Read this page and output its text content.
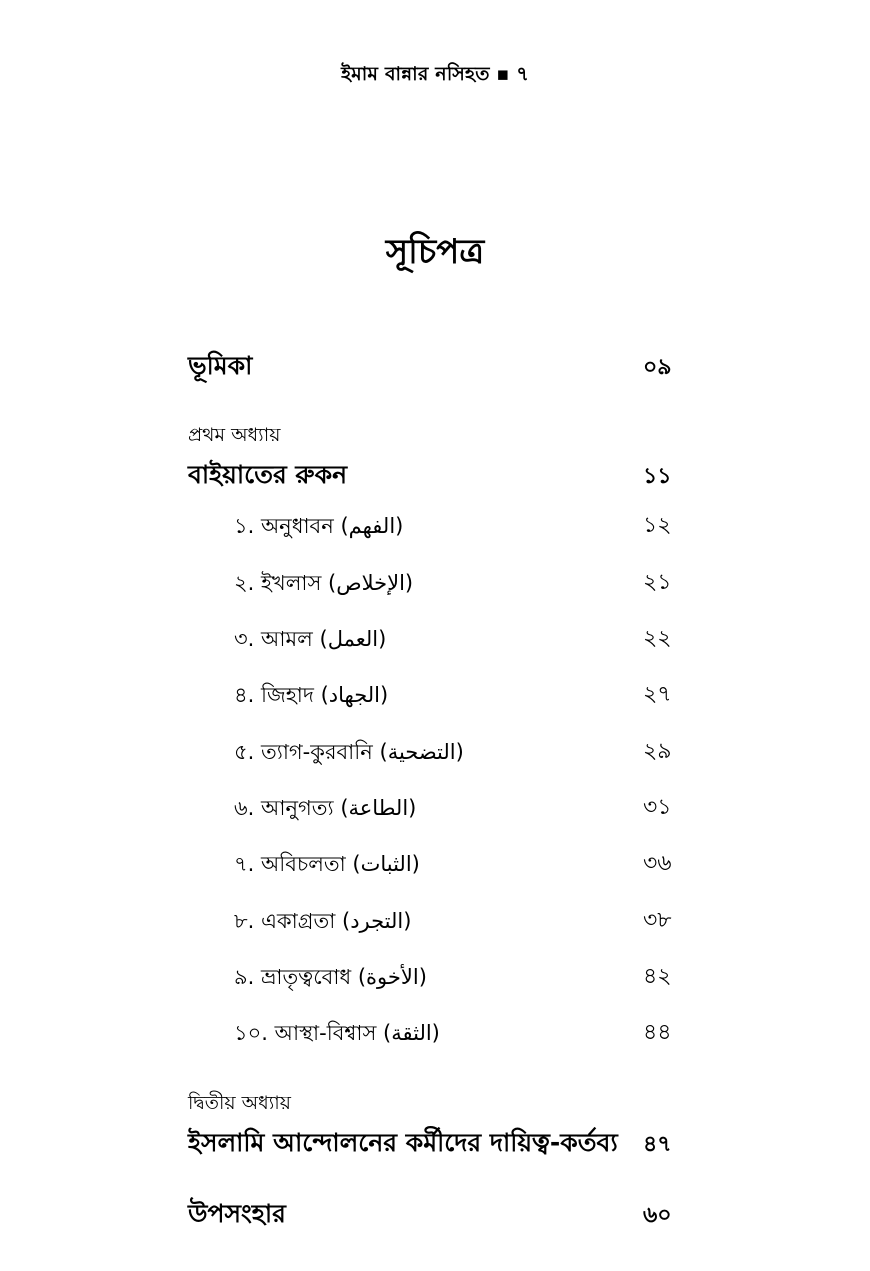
ইমাম বান্নার নসিহত ▪ ৭
সূচিপত্র
ভূমিকা	০৯
প্রথম অধ্যায়
বাইয়াতের রুকন	১১
১. অনুধাবন (الفهم)	১২
২. ইখলাস (الإخلاص)	২১
৩. আমল (العمل)	২২
৪. জিহাদ (الجهاد)	২৭
৫. ত্যাগ-কুরবানি (التضحية)	২৯
৬. আনুগত্য (الطاعة)	৩১
৭. অবিচলতা (الثبات)	৩৬
৮. একাগ্রতা (التجرد)	৩৮
৯. ভ্রাতৃত্ববোধ (الأخوة)	৪২
১০. আস্থা-বিশ্বাস (الثقة)	৪৪
দ্বিতীয় অধ্যায়
ইসলামি আন্দোলনের কর্মীদের দায়িত্ব-কর্তব্য ৪৭
উপসংহার	৬০
